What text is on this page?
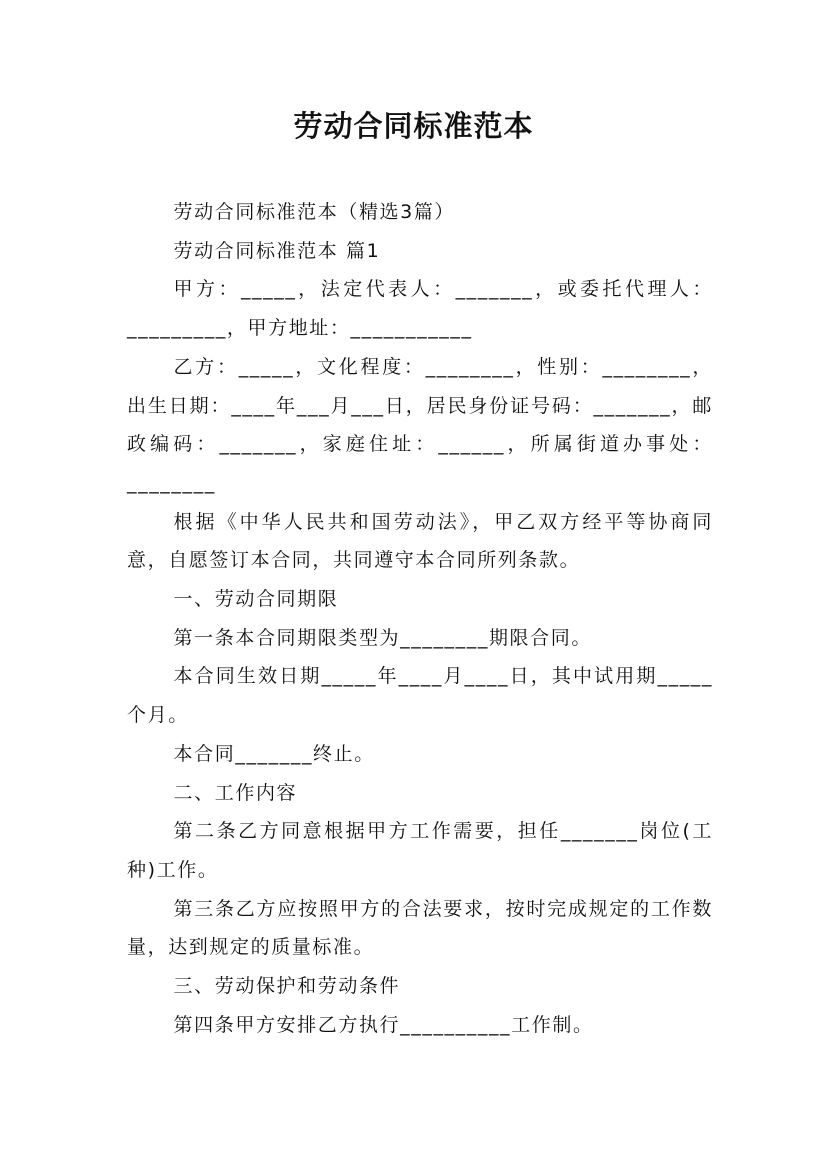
劳动合同标准范本

劳动合同标准范本（精选3篇）

劳动合同标准范本 篇1

甲方：_____，法定代表人：_______，或委托代理人：_________，甲方地址：___________

乙方：_____，文化程度：________，性别：________，出生日期：____年___月___日，居民身份证号码：_______，邮政编码：_______，家庭住址：______，所属街道办事处：________

根据《中华人民共和国劳动法》，甲乙双方经平等协商同意，自愿签订本合同，共同遵守本合同所列条款。

一、劳动合同期限

第一条本合同期限类型为________期限合同。

本合同生效日期_____年____月____日，其中试用期_____个月。

本合同_______终止。

二、工作内容

第二条乙方同意根据甲方工作需要，担任_______岗位(工种)工作。

第三条乙方应按照甲方的合法要求，按时完成规定的工作数量，达到规定的质量标准。

三、劳动保护和劳动条件

第四条甲方安排乙方执行__________工作制。
